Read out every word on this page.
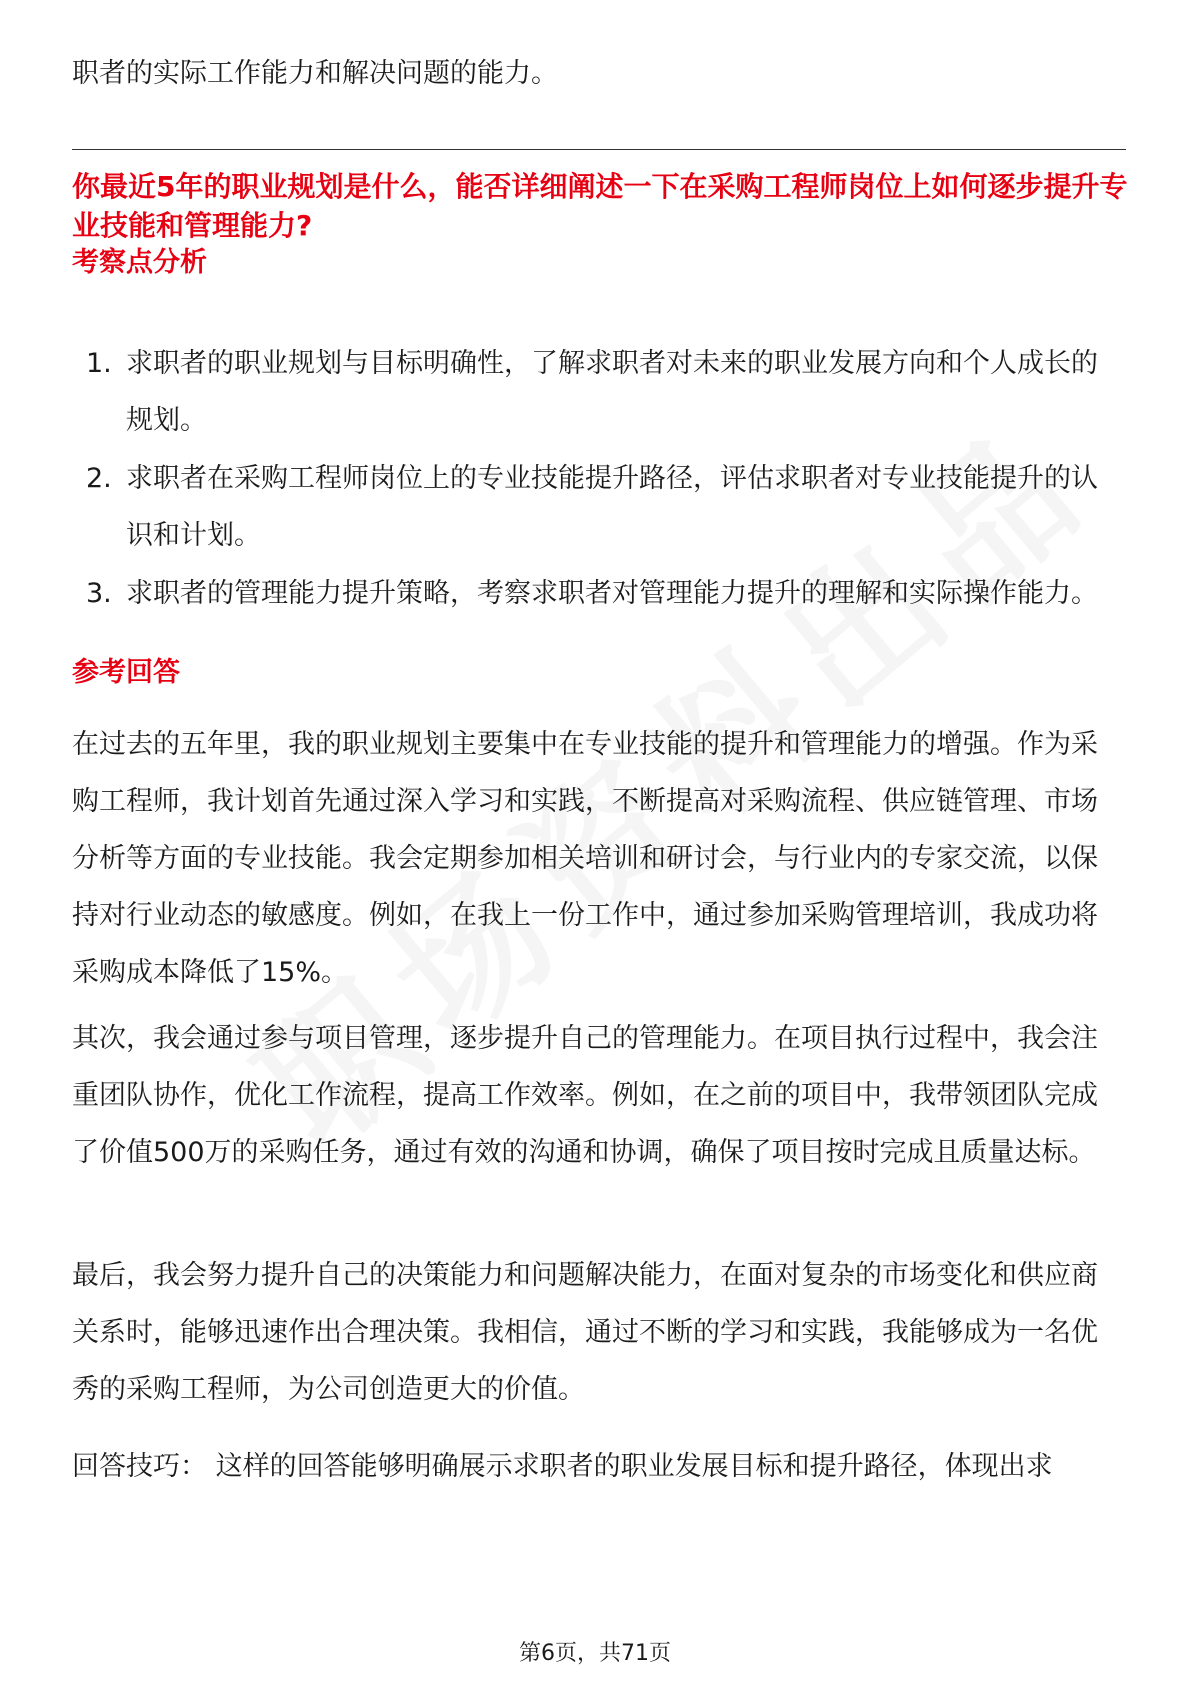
职者的实际工作能力和解决问题的能力。

你最近5年的职业规划是什么，能否详细阐述一下在采购工程师岗位上如何逐步提升专业技能和管理能力?
考察点分析
1. 求职者的职业规划与目标明确性，了解求职者对未来的职业发展方向和个人成长的规划。
2. 求职者在采购工程师岗位上的专业技能提升路径，评估求职者对专业技能提升的认识和计划。
3. 求职者的管理能力提升策略，考察求职者对管理能力提升的理解和实际操作能力。
参考回答

在过去的五年里，我的职业规划主要集中在专业技能的提升和管理能力的增强。作为采购工程师，我计划首先通过深入学习和实践，不断提高对采购流程、供应链管理、市场分析等方面的专业技能。我会定期参加相关培训和研讨会，与行业内的专家交流，以保持对行业动态的敏感度。例如，在我上一份工作中，通过参加采购管理培训，我成功将采购成本降低了15%。

其次，我会通过参与项目管理，逐步提升自己的管理能力。在项目执行过程中，我会注重团队协作，优化工作流程，提高工作效率。例如，在之前的项目中，我带领团队完成了价值500万的采购任务，通过有效的沟通和协调，确保了项目按时完成且质量达标。

最后，我会努力提升自己的决策能力和问题解决能力，在面对复杂的市场变化和供应商关系时，能够迅速作出合理决策。我相信，通过不断的学习和实践，我能够成为一名优秀的采购工程师，为公司创造更大的价值。

回答技巧： 这样的回答能够明确展示求职者的职业发展目标和提升路径，体现出求

第6页，共71页
